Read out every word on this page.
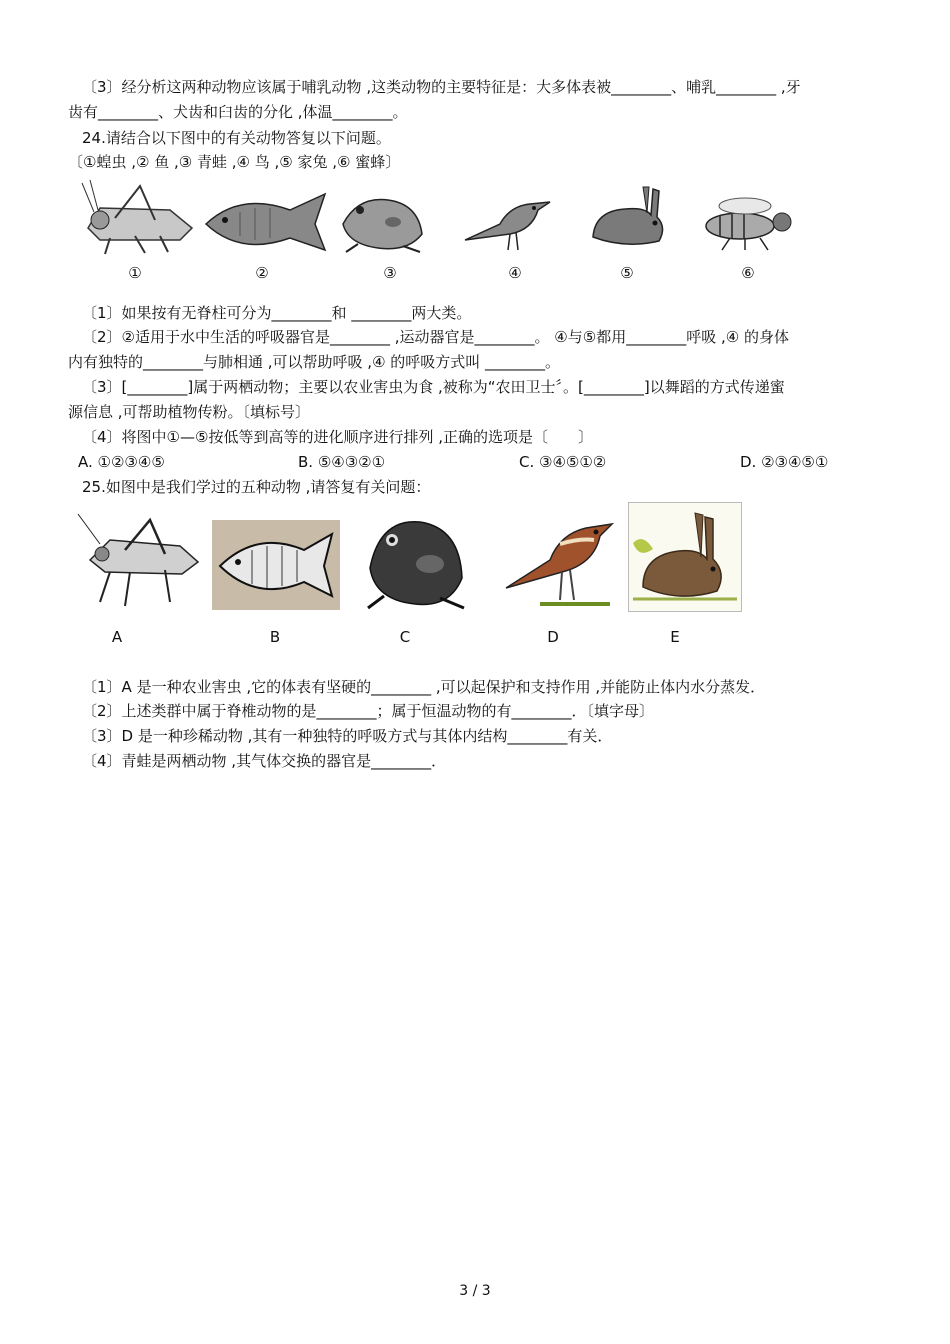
〔3〕经分析这两种动物应该属于哺乳动物 ,这类动物的主要特征是：大多体表被________、哺乳________ ,牙
齿有________、犬齿和臼齿的分化 ,体温________。
24.请结合以下图中的有关动物答复以下问题。
〔①蝗虫 ,② 鱼 ,③ 青蛙 ,④ 鸟 ,⑤ 家兔 ,⑥ 蜜蜂〕
①	②	③	④	⑤	⑥
〔1〕如果按有无脊柱可分为________和 ________两大类。
〔2〕②适用于水中生活的呼吸器官是________ ,运动器官是________。 ④与⑤都用________呼吸 ,④ 的身体
内有独特的________与肺相通 ,可以帮助呼吸 ,④ 的呼吸方式叫 ________。
〔3〕[________]属于两栖动物；主要以农业害虫为食 ,被称为“农田卫士〞。[________]以舞蹈的方式传递蜜
源信息 ,可帮助植物传粉。〔填标号〕
〔4〕将图中①—⑤按低等到高等的进化顺序进行排列 ,正确的选项是〔　　〕
A. ①②③④⑤	B. ⑤④③②①	C. ③④⑤①②	D. ②③④⑤①
25.如图中是我们学过的五种动物 ,请答复有关问题：
A	B	C	D	E
〔1〕A 是一种农业害虫 ,它的体表有坚硬的________ ,可以起保护和支持作用 ,并能防止体内水分蒸发．
〔2〕上述类群中属于脊椎动物的是________；属于恒温动物的有________．〔填字母〕
〔3〕D 是一种珍稀动物 ,其有一种独特的呼吸方式与其体内结构________有关．
〔4〕青蛙是两栖动物 ,其气体交换的器官是________．
3 / 3
